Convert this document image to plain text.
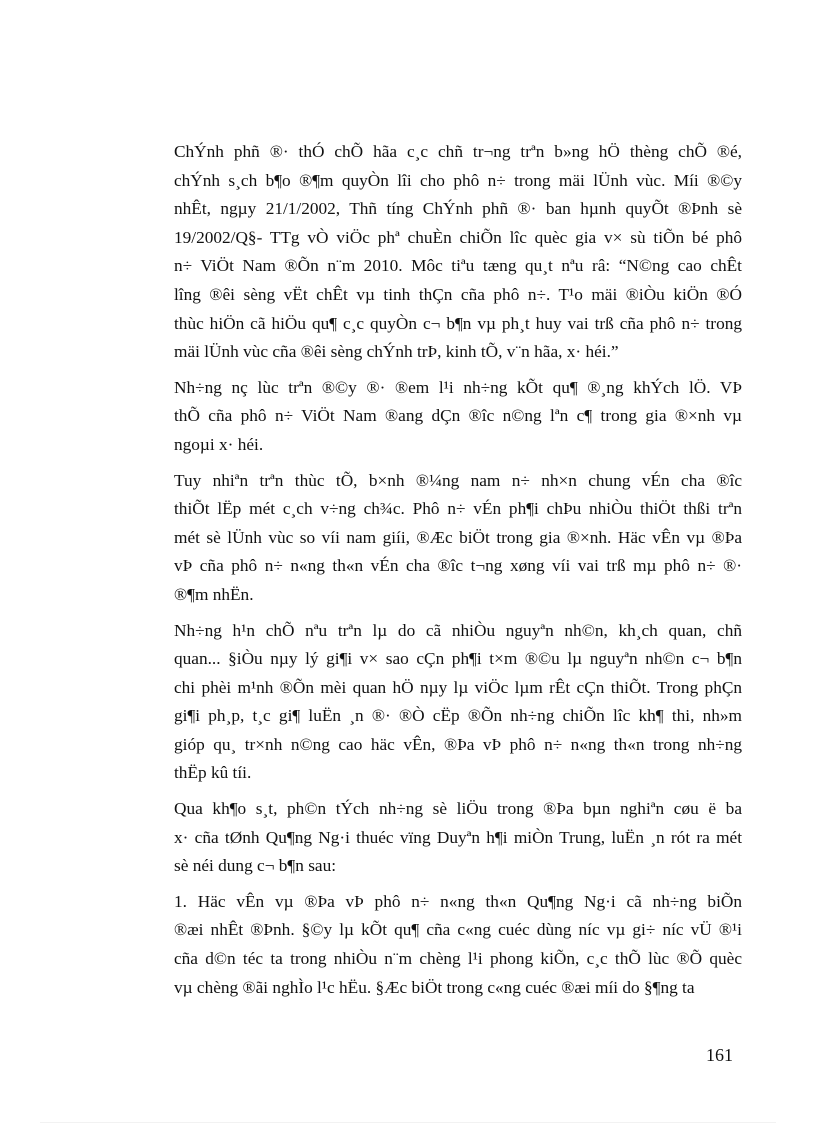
ChÝnh phñ ®· thÓ chÕ hãa c¸c chñ tr¬ng trªn b»ng hÖ thèng chÕ ®é,
chÝnh s¸ch b¶o ®¶m quyÒn lîi cho phô n÷ trong mäi lÜnh vùc. Míi ®©y
nhÊt, ngµy 21/1/2002, Thñ tíng ChÝnh phñ ®· ban hµnh quyÕt ®Þnh sè
19/2002/Q§- TTg vÒ viÖc phª chuÈn chiÕn lîc quèc gia v× sù tiÕn bé phô
n÷ ViÖt Nam ®Õn n¨m 2010. Môc tiªu tæng qu¸t nªu râ: “N©ng cao chÊt
lîng ®êi sèng vËt chÊt vµ tinh thÇn cña phô n÷. T¹o mäi ®iÒu kiÖn ®Ó
thùc hiÖn cã hiÖu qu¶ c¸c quyÒn c¬ b¶n vµ ph¸t huy vai trß cña phô n÷ trong
mäi lÜnh vùc cña ®êi sèng chÝnh trÞ, kinh tÕ, v¨n hãa, x· héi.”

Nh÷ng nç lùc trªn ®©y ®· ®em l¹i nh÷ng kÕt qu¶ ®¸ng khÝch lÖ. VÞ
thÕ cña phô n÷ ViÖt Nam ®ang dÇn ®îc n©ng lªn c¶ trong gia ®×nh vµ
ngoµi x· héi.

Tuy nhiªn trªn thùc tÕ, b×nh ®¼ng nam n÷ nh×n chung vÉn cha ®îc
thiÕt lËp mét c¸ch v÷ng ch¾c. Phô n÷ vÉn ph¶i chÞu nhiÒu thiÖt thßi trªn
mét sè lÜnh vùc so víi nam giíi, ®Æc biÖt trong gia ®×nh. Häc vÊn vµ ®Þa
vÞ cña phô n÷ n«ng th«n vÉn cha ®îc t¬ng xøng víi vai trß mµ phô n÷ ®·
®¶m nhËn.

Nh÷ng h¹n chÕ nªu trªn lµ do cã nhiÒu nguyªn nh©n, kh¸ch quan, chñ
quan... §iÒu nµy lý gi¶i v× sao cÇn ph¶i t×m ®©u lµ nguyªn nh©n c¬ b¶n
chi phèi m¹nh ®Õn mèi quan hÖ nµy lµ viÖc lµm rÊt cÇn thiÕt. Trong phÇn
gi¶i ph¸p, t¸c gi¶ luËn ¸n ®· ®Ò cËp ®Õn nh÷ng chiÕn lîc kh¶ thi, nh»m
gióp qu¸ tr×nh n©ng cao häc vÊn, ®Þa vÞ phô n÷ n«ng th«n trong nh÷ng
thËp kû tíi.

Qua kh¶o s¸t, ph©n tÝch nh÷ng sè liÖu trong ®Þa bµn nghiªn cøu ë ba
x· cña tØnh Qu¶ng Ng·i thuéc vïng Duyªn h¶i miÒn Trung, luËn ¸n rót ra mét
sè néi dung c¬ b¶n sau:

1. Häc vÊn vµ ®Þa vÞ phô n÷ n«ng th«n Qu¶ng Ng·i cã nh÷ng biÕn
®æi nhÊt ®Þnh. §©y lµ kÕt qu¶ cña c«ng cuéc dùng níc vµ gi÷ níc vÜ ®¹i
cña d©n téc ta trong nhiÒu n¨m chèng l¹i phong kiÕn, c¸c thÕ lùc ®Õ quèc
vµ chèng ®ãi nghÌo l¹c hËu. §Æc biÖt trong c«ng cuéc ®æi míi do §¶ng ta

161
